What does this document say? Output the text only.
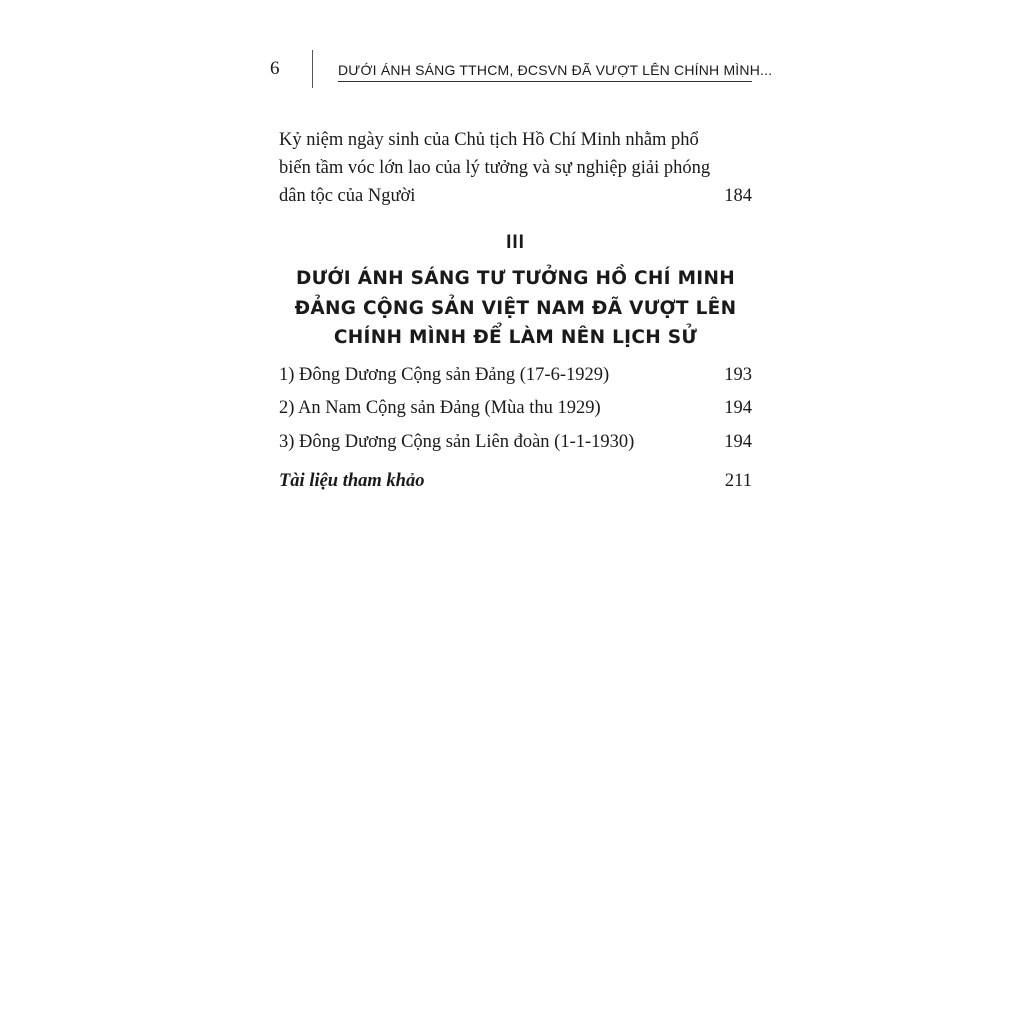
6	DƯỚI ÁNH SÁNG TTHCM, ĐCSVN ĐÃ VƯỢT LÊN CHÍNH MÌNH...
Kỷ niệm ngày sinh của Chủ tịch Hồ Chí Minh nhằm phổ
biến tầm vóc lớn lao của lý tưởng và sự nghiệp giải phóng
dân tộc của Người	184
III
DƯỚI ÁNH SÁNG TƯ TƯỞNG HỒ CHÍ MINH
ĐẢNG CỘNG SẢN VIỆT NAM ĐÃ VƯỢT LÊN
CHÍNH MÌNH ĐỂ LÀM NÊN LỊCH SỬ
1) Đông Dương Cộng sản Đảng (17-6-1929)	193
2) An Nam Cộng sản Đảng (Mùa thu 1929)	194
3) Đông Dương Cộng sản Liên đoàn (1-1-1930)	194
Tài liệu tham khảo	211
